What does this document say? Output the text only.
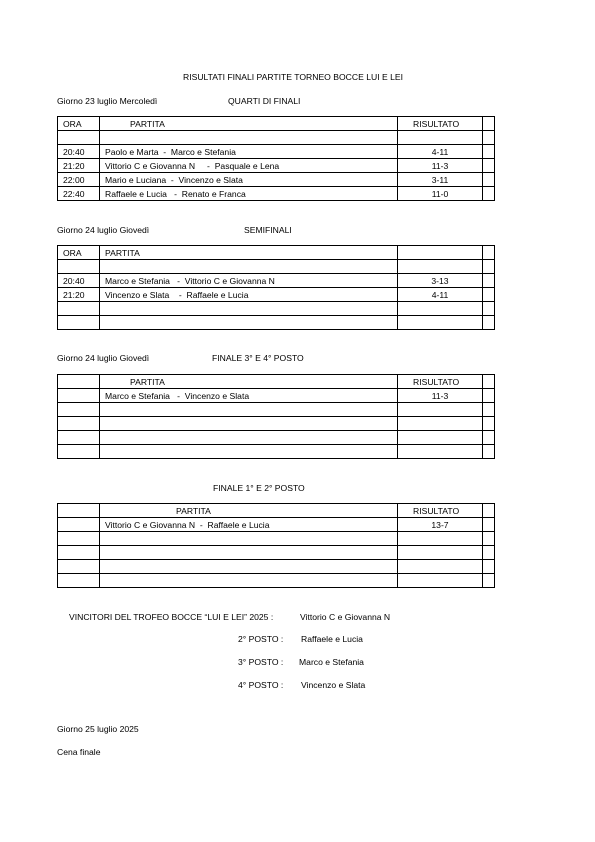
RISULTATI FINALI PARTITE TORNEO BOCCE LUI E LEI
Giorno 23 luglio Mercoledì	QUARTI DI FINALI
ORA	PARTITA	RISULTATO	

20:40	Paolo e Marta  -  Marco e Stefania	4-11	
21:20	Vittorio C e Giovanna N     -  Pasquale e Lena	11-3	
22:00	Mario e Luciana  -  Vincenzo e Slata	3-11	
22:40	Raffaele e Lucia   -  Renato e Franca	11-0	
Giorno 24 luglio Giovedì	SEMIFINALI
ORA	PARTITA		

20:40	Marco e Stefania   -  Vittorio C e Giovanna N	3-13	
21:20	Vincenzo e Slata    -  Raffaele e Lucia	4-11	

Giorno 24 luglio Giovedì	FINALE 3° E 4° POSTO
	PARTITA	RISULTATO	
	Marco e Stefania   -  Vincenzo e Slata	11-3	

FINALE 1° E 2° POSTO
	PARTITA	RISULTATO	
	Vittorio C e Giovanna N  -  Raffaele e Lucia	13-7	

VINCITORI DEL TROFEO BOCCE “LUI E LEI” 2025 :	Vittorio C e Giovanna N
2° POSTO : Raffaele e Lucia
3° POSTO : Marco e Stefania
4° POSTO : Vincenzo e Slata
Giorno 25 luglio 2025
Cena finale
